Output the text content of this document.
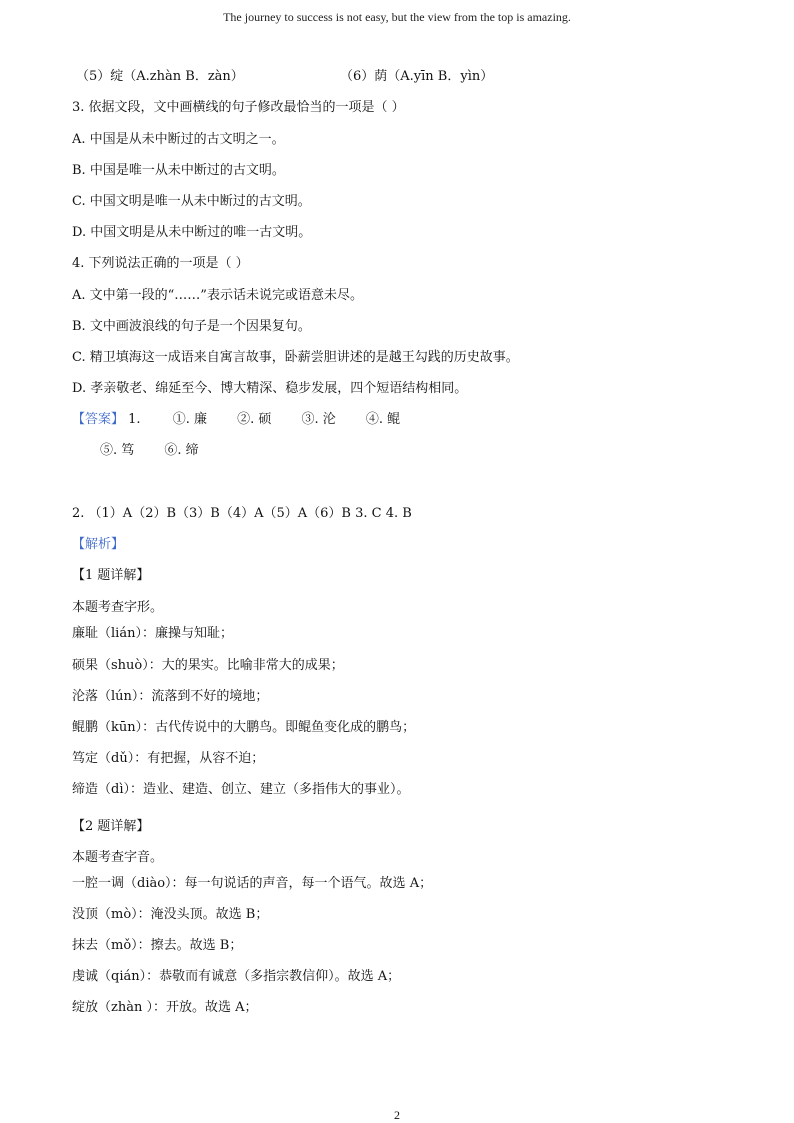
The journey to success is not easy, but the view from the top is amazing.
（5）绽（A.zhàn B．zàn）	（6）荫（A.yīn B．yìn）
3. 依据文段，文中画横线的句子修改最恰当的一项是（ ）
A. 中国是从未中断过的古文明之一。
B. 中国是唯一从未中断过的古文明。
C. 中国文明是唯一从未中断过的古文明。
D. 中国文明是从未中断过的唯一古文明。
4. 下列说法正确的一项是（ ）
A. 文中第一段的“……”表示话未说完或语意未尽。
B. 文中画波浪线的句子是一个因果复句。
C. 精卫填海这一成语来自寓言故事，卧薪尝胆讲述的是越王勾践的历史故事。
D. 孝亲敬老、绵延至今、博大精深、稳步发展，四个短语结构相同。
【答案】 1. ①. 廉 ②. 硕 ③. 沦 ④. 鲲
⑤. 笃 ⑥. 缔
2. （1）A（2）B（3）B（4）A（5）A（6）B 3. C 4. B
【解析】
【1 题详解】
本题考查字形。
廉耻（lián）：廉操与知耻；
硕果（shuò）：大的果实。比喻非常大的成果；
沦落（lún）：流落到不好的境地；
鲲鹏（kūn）：古代传说中的大鹏鸟。即鲲鱼变化成的鹏鸟；
笃定（dǔ）：有把握，从容不迫；
缔造（dì）：造业、建造、创立、建立（多指伟大的事业）。
【2 题详解】
本题考查字音。
一腔一调（diào）：每一句说话的声音，每一个语气。故选 A；
没顶（mò）：淹没头顶。故选 B；
抹去（mǒ）：擦去。故选 B；
虔诚（qián）：恭敬而有诚意（多指宗教信仰）。故选 A；
绽放（zhàn ）：开放。故选 A；
2
